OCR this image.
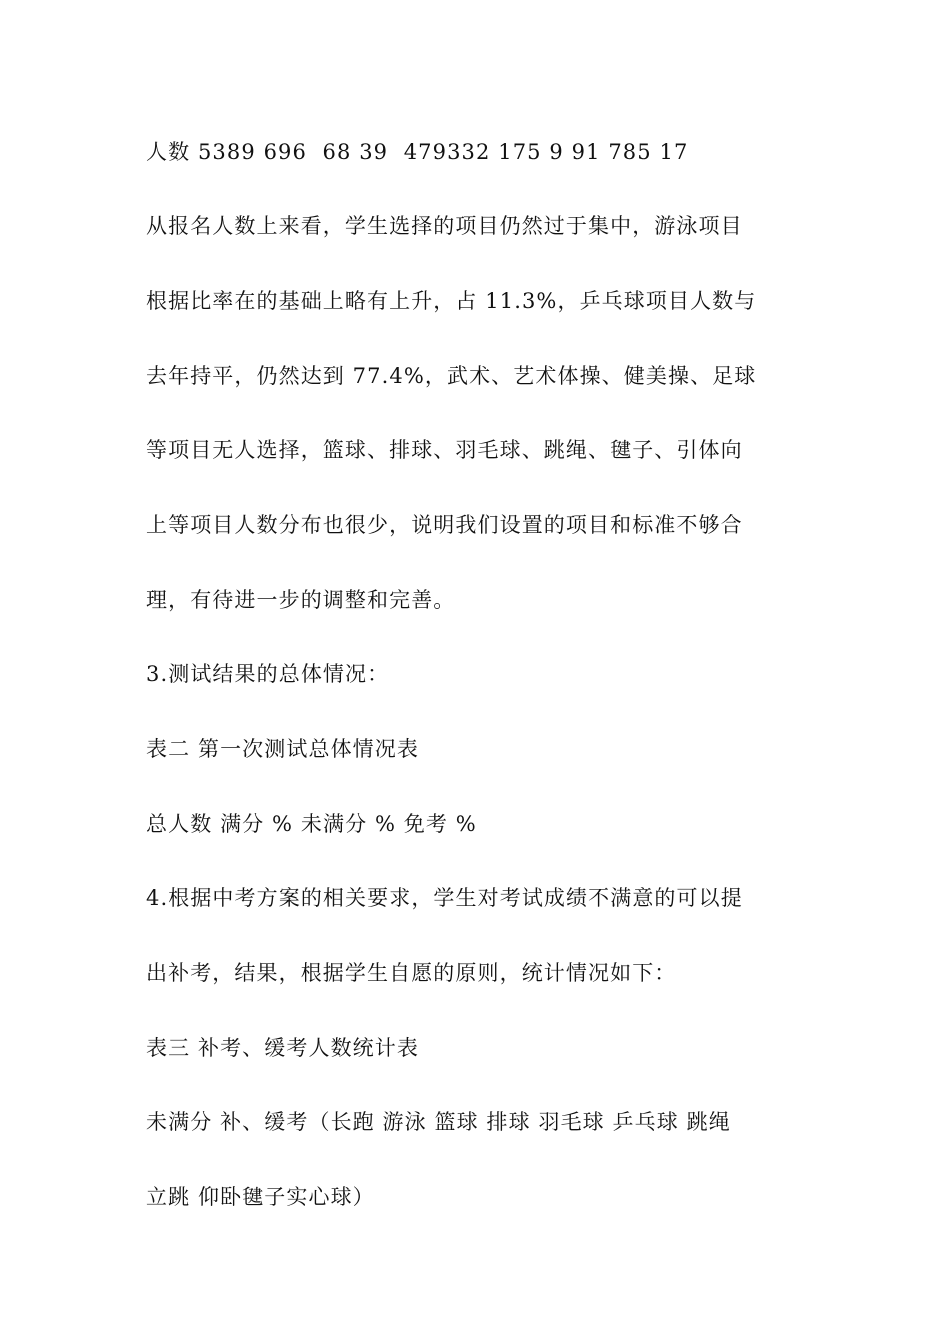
人数 5389 696  68 39  479332 175 9 91 785 17
从报名人数上来看，学生选择的项目仍然过于集中，游泳项目
根据比率在的基础上略有上升，占 11.3%，乒乓球项目人数与
去年持平，仍然达到 77.4%，武术、艺术体操、健美操、足球
等项目无人选择，篮球、排球、羽毛球、跳绳、毽子、引体向
上等项目人数分布也很少，说明我们设置的项目和标准不够合
理，有待进一步的调整和完善。
3.测试结果的总体情况：
表二 第一次测试总体情况表
总人数 满分 % 未满分 % 免考 %
4.根据中考方案的相关要求，学生对考试成绩不满意的可以提
出补考，结果，根据学生自愿的原则，统计情况如下：
表三 补考、缓考人数统计表
未满分 补、缓考（长跑 游泳 篮球 排球 羽毛球 乒乓球 跳绳
立跳 仰卧毽子实心球）
